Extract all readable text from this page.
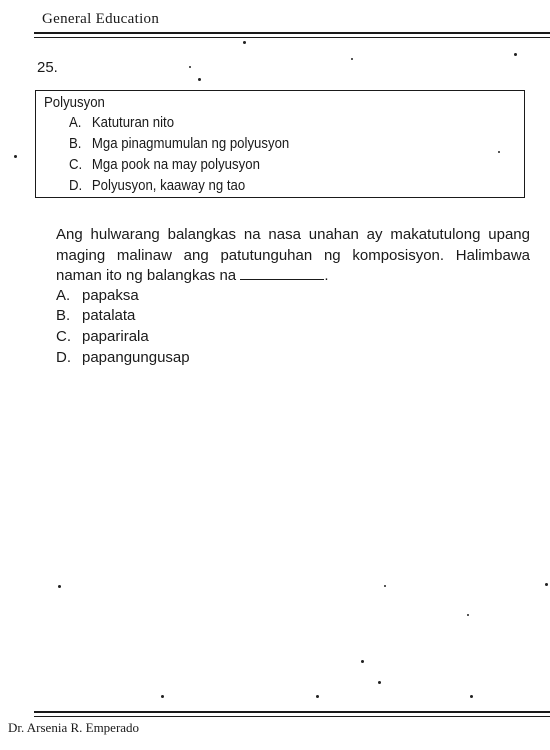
General Education
25.
Polyusyon
A. Katuturan nito
B. Mga pinagmumulan ng polyusyon
C. Mga pook na may polyusyon
D. Polyusyon, kaaway ng tao
Ang hulwarang balangkas na nasa unahan ay makatutulong upang maging malinaw ang patutunguhan ng komposisyon. Halimbawa naman ito ng balangkas na	.
A. papaksa
B. patalata
C. paparirala
D. papangungusap
Dr. Arsenia R. Emperado
